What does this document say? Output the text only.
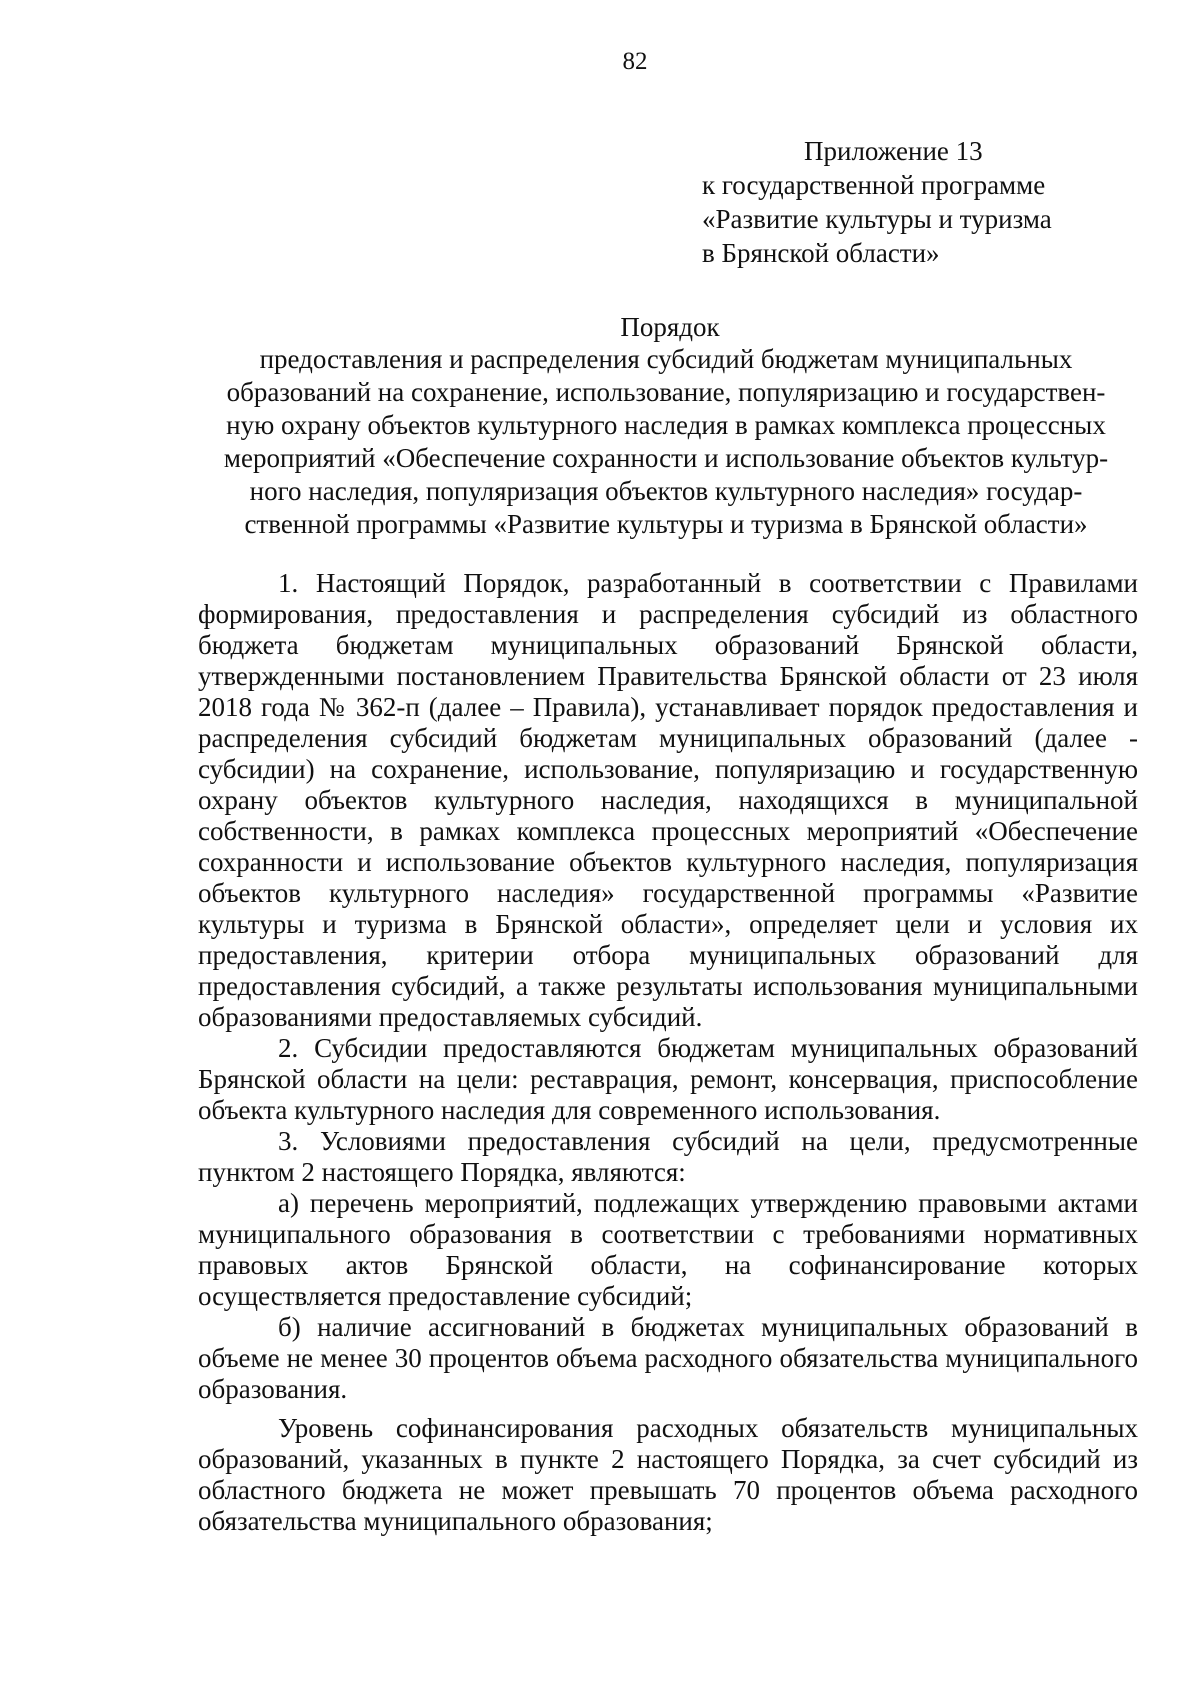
82
Приложение 13
к государственной программе
«Развитие культуры и туризма
в Брянской области»
Порядок
предоставления и распределения субсидий бюджетам муниципальных
образований на сохранение, использование, популяризацию и государствен-
ную охрану объектов культурного наследия в рамках комплекса процессных
мероприятий «Обеспечение сохранности и использование объектов культур-
ного наследия, популяризация объектов культурного наследия» государ-
ственной программы «Развитие культуры и туризма в Брянской области»

1. Настоящий Порядок, разработанный в соответствии с Правилами формирования, предоставления и распределения субсидий из областного бюджета бюджетам муниципальных образований Брянской области, утвержденными постановлением Правительства Брянской области от 23 июля 2018 года № 362-п (далее – Правила), устанавливает порядок предоставления и распределения субсидий бюджетам муниципальных образований (далее - субсидии) на сохранение, использование, популяризацию и государственную охрану объектов культурного наследия, находящихся в муниципальной собственности, в рамках комплекса процессных мероприятий «Обеспечение сохранности и использование объектов культурного наследия, популяризация объектов культурного наследия» государственной программы «Развитие культуры и туризма в Брянской области», определяет цели и условия их предоставления, критерии отбора муниципальных образований для предоставления субсидий, а также результаты использования муниципальными образованиями предоставляемых субсидий.

2. Субсидии предоставляются бюджетам муниципальных образований Брянской области на цели: реставрация, ремонт, консервация, приспособление объекта культурного наследия для современного использования.

3. Условиями предоставления субсидий на цели, предусмотренные пунктом 2 настоящего Порядка, являются:

а) перечень мероприятий, подлежащих утверждению правовыми актами муниципального образования в соответствии с требованиями нормативных правовых актов Брянской области, на софинансирование которых осуществляется предоставление субсидий;

б) наличие ассигнований в бюджетах муниципальных образований в объеме не менее 30 процентов объема расходного обязательства муниципального образования.

Уровень софинансирования расходных обязательств муниципальных образований, указанных в пункте 2 настоящего Порядка, за счет субсидий из областного бюджета не может превышать 70 процентов объема расходного обязательства муниципального образования;
